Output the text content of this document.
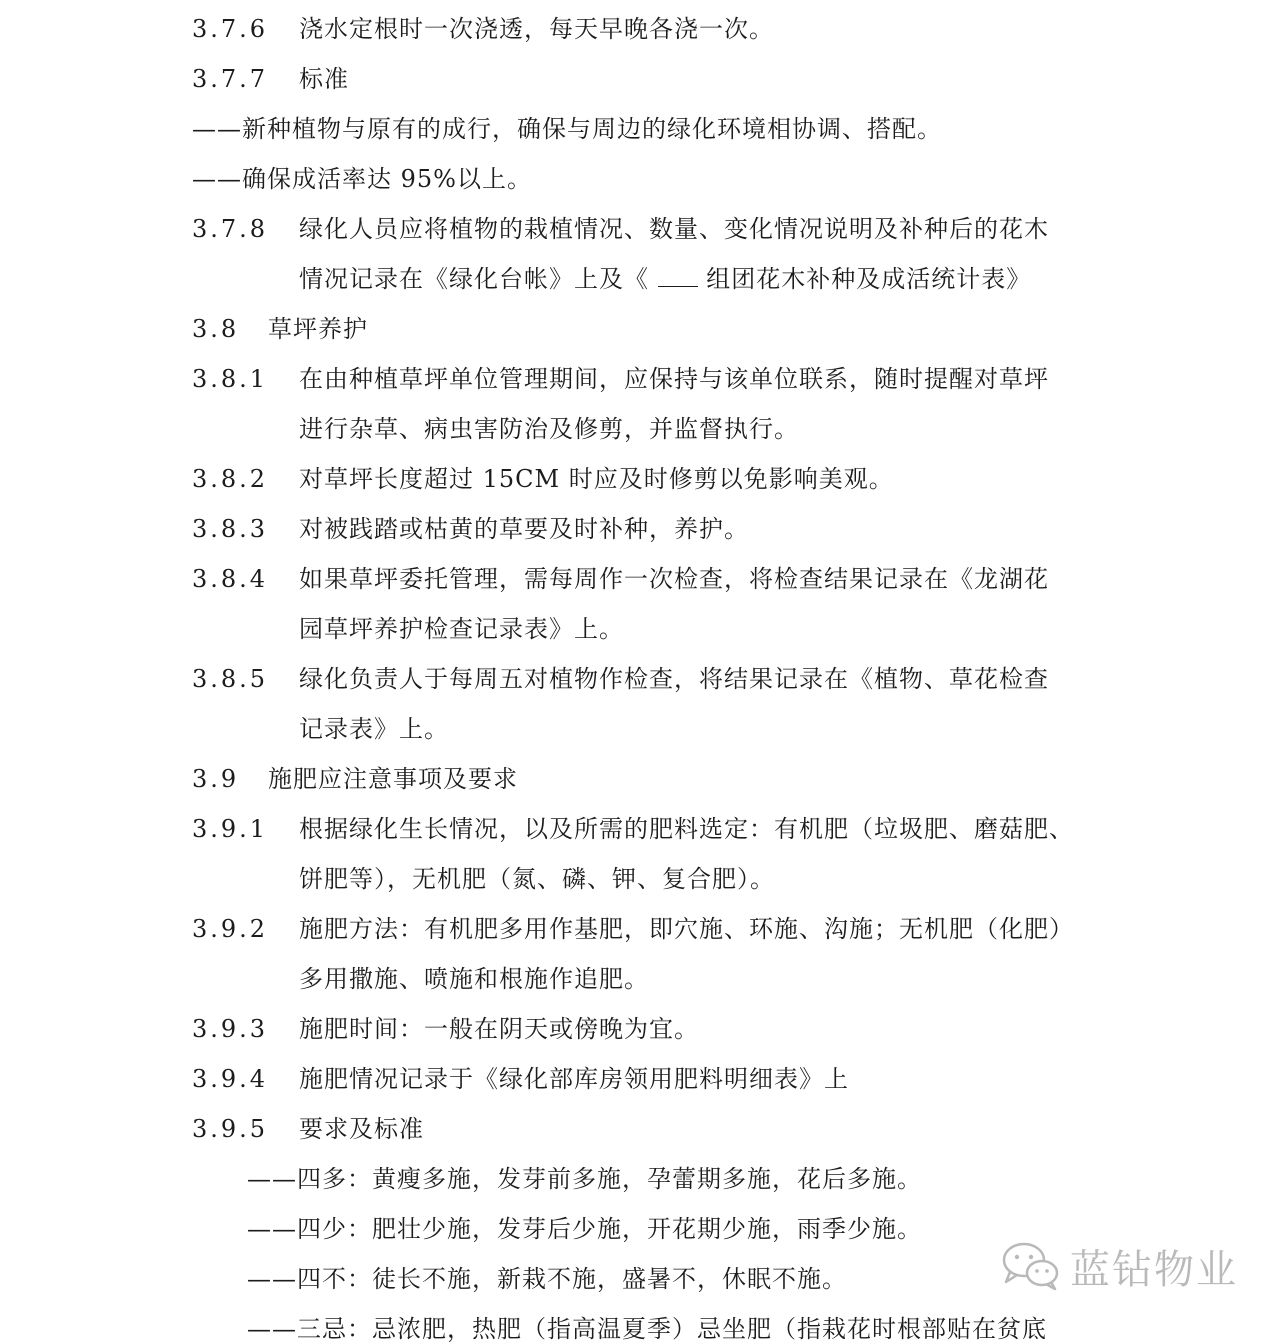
3.7.6 浇水定根时一次浇透，每天早晚各浇一次。
3.7.7 标准
——新种植物与原有的成行，确保与周边的绿化环境相协调、搭配。
——确保成活率达 95%以上。
3.7.8 绿化人员应将植物的栽植情况、数量、变化情况说明及补种后的花木
情况记录在《绿化台帐》上及《 组团花木补种及成活统计表》
3.8 草坪养护
3.8.1 在由种植草坪单位管理期间，应保持与该单位联系，随时提醒对草坪
进行杂草、病虫害防治及修剪，并监督执行。
3.8.2 对草坪长度超过 15CM 时应及时修剪以免影响美观。
3.8.3 对被践踏或枯黄的草要及时补种，养护。
3.8.4 如果草坪委托管理，需每周作一次检查，将检查结果记录在《龙湖花
园草坪养护检查记录表》上。
3.8.5 绿化负责人于每周五对植物作检查，将结果记录在《植物、草花检查
记录表》上。
3.9 施肥应注意事项及要求
3.9.1 根据绿化生长情况，以及所需的肥料选定：有机肥（垃圾肥、磨菇肥、
饼肥等），无机肥（氮、磷、钾、复合肥）。
3.9.2 施肥方法：有机肥多用作基肥，即穴施、环施、沟施；无机肥（化肥）
多用撒施、喷施和根施作追肥。
3.9.3 施肥时间：一般在阴天或傍晚为宜。
3.9.4 施肥情况记录于《绿化部库房领用肥料明细表》上
3.9.5 要求及标准
——四多：黄瘦多施，发芽前多施，孕蕾期多施，花后多施。
——四少：肥壮少施，发芽后少施，开花期少施，雨季少施。
——四不：徒长不施，新栽不施，盛暑不，休眠不施。
——三忌：忌浓肥，热肥（指高温夏季）忌坐肥（指栽花时根部贴在贫底
蓝钻物业
